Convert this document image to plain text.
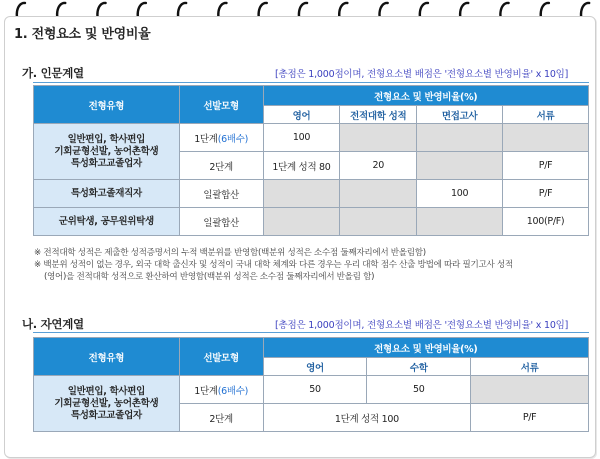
1. 전형요소 및 반영비율
가. 인문계열	[총점은 1,000점이며, 전형요소별 배점은 '전형요소별 반영비율' x 10임]
전형유형	선발모형	전형요소 및 반영비율(%)			
		영어	전적대학 성적	면접고사	서류

일반편입, 학사편입
기회균형선발, 농어촌학생
특성화고교졸업자	1단계(6배수)	100			
	2단계	1단계 성적 80	20		P/F
특성화고졸재직자	일괄합산			100	P/F
군위탁생, 공무원위탁생	일괄합산				100(P/F)
※ 전적대학 성적은 제출한 성적증명서의 누적 백분위를 반영함(백분위 성적은 소수점 둘째자리에서 반올림함)
※ 백분위 성적이 없는 경우, 외국 대학 출신자 및 성적이 국내 대학 체계와 다른 경우는 우리 대학 점수 산출 방법에 따라 필기고사 성적
(영어)을 전적대학 성적으로 환산하여 반영함(백분위 성적은 소수점 둘째자리에서 반올림 함)
나. 자연계열	[총점은 1,000점이며, 전형요소별 배점은 '전형요소별 반영비율' x 10임]
전형유형	선발모형	전형요소 및 반영비율(%)		
		영어	수학	서류

일반편입, 학사편입
기회균형선발, 농어촌학생
특성화고교졸업자	1단계(6배수)	50	50	
	2단계	1단계 성적 100		P/F
